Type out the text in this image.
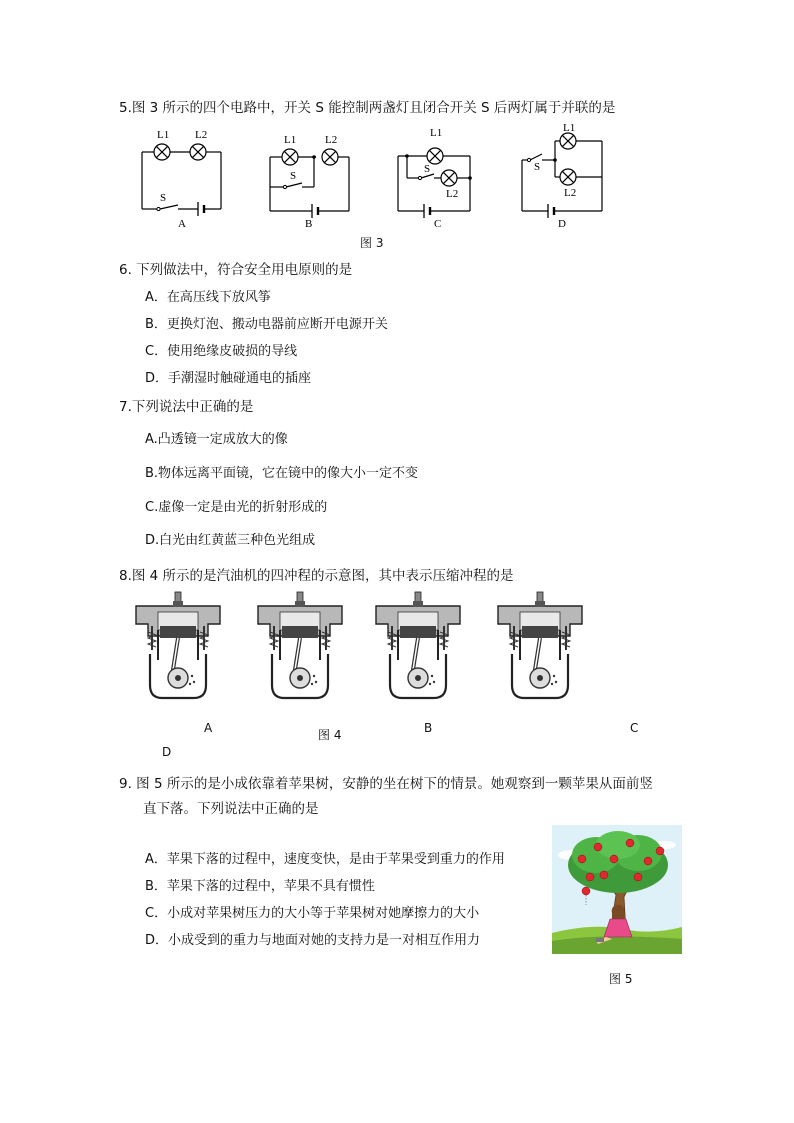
5.图 3 所示的四个电路中，开关 S 能控制两盏灯且闭合开关 S 后两灯属于并联的是
L1 L2
S
A
L1	L2
S
B
L1
S
L2
C
L1
S
L2
D
图 3
6. 下列做法中，符合安全用电原则的是
A．在高压线下放风筝
B．更换灯泡、搬动电器前应断开电源开关
C．使用绝缘皮破损的导线
D．手潮湿时触碰通电的插座
7.下列说法中正确的是
A.凸透镜一定成放大的像
B.物体远离平面镜，它在镜中的像大小一定不变
C.虚像一定是由光的折射形成的
D.白光由红黄蓝三种色光组成
8.图 4 所示的是汽油机的四冲程的示意图，其中表示压缩冲程的是
A	图 4	B	C
D
9. 图 5 所示的是小成依靠着苹果树，安静的坐在树下的情景。她观察到一颗苹果从面前竖
直下落。下列说法中正确的是
A．苹果下落的过程中，速度变快，是由于苹果受到重力的作用
B．苹果下落的过程中，苹果不具有惯性
C．小成对苹果树压力的大小等于苹果树对她摩擦力的大小
D．小成受到的重力与地面对她的支持力是一对相互作用力
图 5
